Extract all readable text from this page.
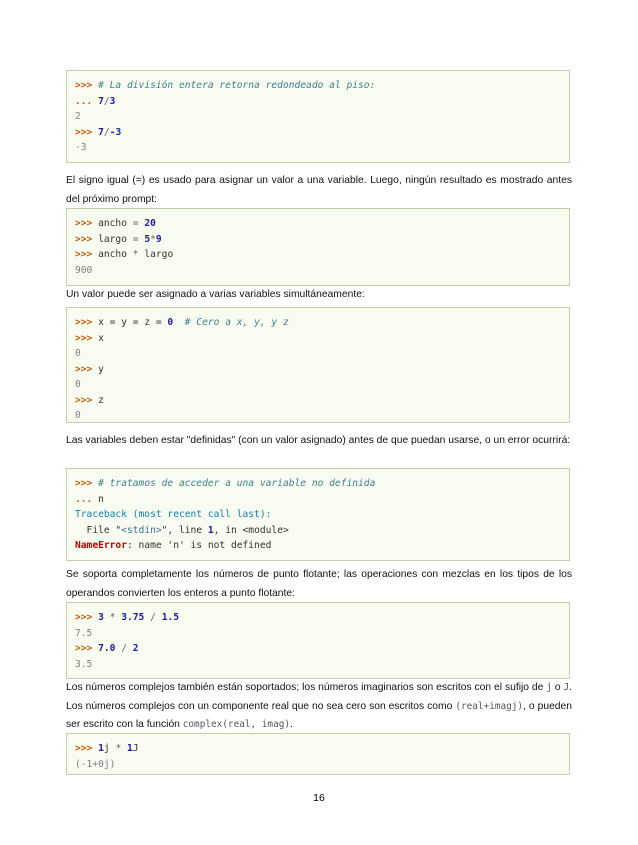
>>> # La división entera retorna redondeado al piso:
... 7/3
2
>>> 7/-3
-3

El signo igual (=) es usado para asignar un valor a una variable. Luego, ningún resultado es mostrado antes del próximo prompt:

>>> ancho = 20
>>> largo = 5*9
>>> ancho * largo
900

Un valor puede ser asignado a varias variables simultáneamente:

>>> x = y = z = 0 # Cero a x, y, y z
>>> x
0
>>> y
0
>>> z
0

Las variables deben estar "definidas" (con un valor asignado) antes de que puedan usarse, o un error ocurrirá:

>>> # tratamos de acceder a una variable no definida
... n
Traceback (most recent call last):
File "<stdin>", line 1, in <module>
NameError: name 'n' is not defined

Se soporta completamente los números de punto flotante; las operaciones con mezclas en los tipos de los operandos convierten los enteros a punto flotante:

>>> 3 * 3.75 / 1.5
7.5
>>> 7.0 / 2
3.5
Los números complejos también están soportados; los números imaginarios son escritos con el sufijo de j o J. Los números complejos con un componente real que no sea cero son escritos como (real+imagj), o pueden ser escrito con la función complex(real, imag).
>>> 1j * 1J
(-1+0j)
16
